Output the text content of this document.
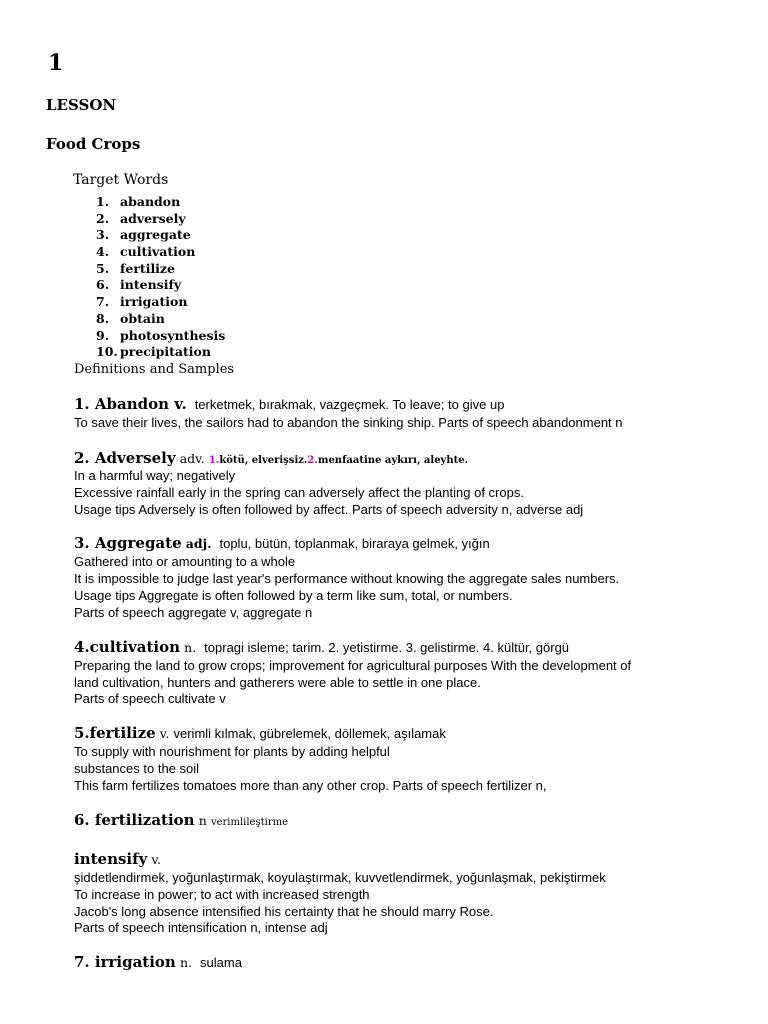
1
LESSON
Food Crops
Target Words
1. abandon
2. adversely
3. aggregate
4. cultivation
5. fertilize
6. intensify
7. irrigation
8. obtain
9. photosynthesis
10. precipitation
Definitions and Samples
1. Abandon v. terketmek, bırakmak, vazgeçmek. To leave; to give up
To save their lives, the sailors had to abandon the sinking ship. Parts of speech abandonment n
2. Adversely adv. 1.kötü, elverişsiz.2.menfaatine aykırı, aleyhte.
In a harmful way; negatively
Excessive rainfall early in the spring can adversely affect the planting of crops.
Usage tips Adversely is often followed by affect. Parts of speech adversity n, adverse adj
3. Aggregate adj. toplu, bütün, toplanmak, biraraya gelmek, yığın
Gathered into or amounting to a whole
It is impossible to judge last year's performance without knowing the aggregate sales numbers.
Usage tips Aggregate is often followed by a term like sum, total, or numbers.
Parts of speech aggregate v, aggregate n
4.cultivation n. topragi isleme; tarim. 2. yetistirme. 3. gelistirme. 4. kültür, görgü
Preparing the land to grow crops; improvement for agricultural purposes With the development of
land cultivation, hunters and gatherers were able to settle in one place.
Parts of speech cultivate v
5.fertilize v. verimli kılmak, gübrelemek, döllemek, aşılamak
To supply with nourishment for plants by adding helpful
substances to the soil
This farm fertilizes tomatoes more than any other crop. Parts of speech fertilizer n,
6. fertilization n verimlileştirme
intensify v.
şiddetlendirmek, yoğunlaştırmak, koyulaştırmak, kuvvetlendirmek, yoğunlaşmak, pekiştirmek
To increase in power; to act with increased strength
Jacob's long absence intensified his certainty that he should marry Rose.
Parts of speech intensification n, intense adj
7. irrigation n. sulama
